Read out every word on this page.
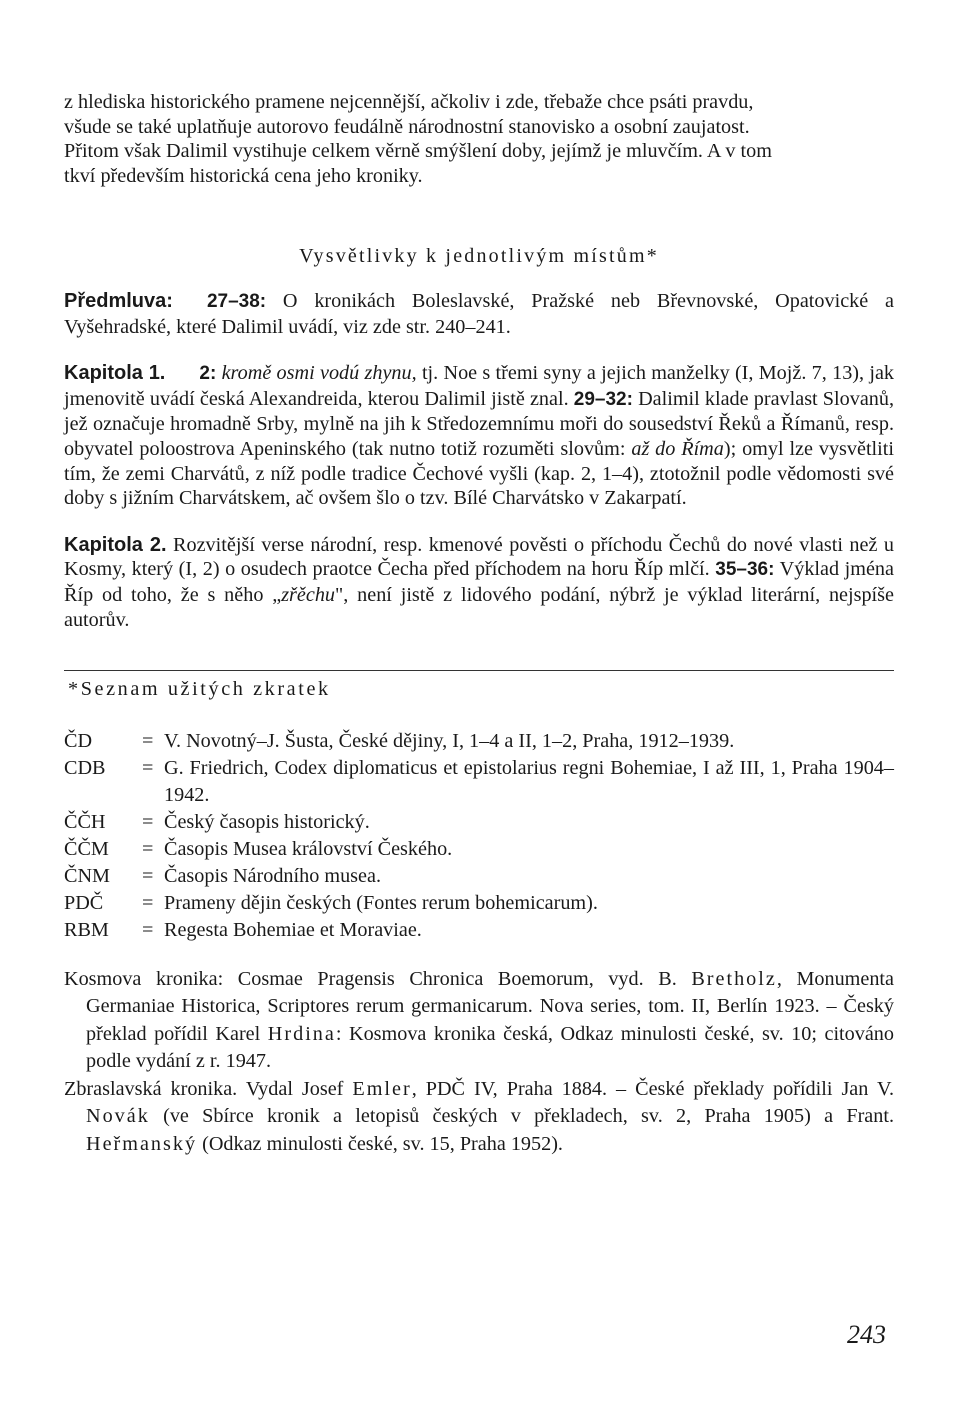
z hlediska historického pramene nejcennější, ačkoliv i zde, třebaže chce psáti pravdu,

všude se také uplatňuje autorovo feudálně národnostní stanovisko a osobní zaujatost.

Přitom však Dalimil vystihuje celkem věrně smýšlení doby, jejímž je mluvčím. A v tom

tkví především historická cena jeho kroniky.

Vysvětlivky k jednotlivým místům*

Předmluva: 27–38: O kronikách Boleslavské, Pražské neb Břevnovské, Opatovické a Vyšehradské, které Dalimil uvádí, viz zde str. 240–241.

Kapitola 1. 2: kromě osmi vodú zhynu, tj. Noe s třemi syny a jejich manželky (I, Mojž. 7, 13), jak jmenovitě uvádí česká Alexandreida, kterou Dalimil jistě znal. 29–32: Dalimil klade pravlast Slovanů, jež označuje hromadně Srby, mylně na jih k Středozemnímu moři do sousedství Řeků a Římanů, resp. obyvatel poloostrova Apeninského (tak nutno totiž rozuměti slovům: až do Říma); omyl lze vysvětliti tím, že zemi Charvátů, z níž podle tradice Čechové vyšli (kap. 2, 1–4), ztotožnil podle vědomosti své doby s jižním Charvátskem, ač ovšem šlo o tzv. Bílé Charvátsko v Zakarpatí.

Kapitola 2. Rozvitější verse národní, resp. kmenové pověsti o příchodu Čechů do nové vlasti než u Kosmy, který (I, 2) o osudech praotce Čecha před příchodem na horu Říp mlčí. 35–36: Výklad jména Říp od toho, že s něho „zřěchu", není jistě z lidového podání, nýbrž je výklad literární, nejspíše autorův.

*Seznam užitých zkratek

ČD	=	V. Novotný–J. Šusta, České dějiny, I, 1–4 a II, 1–2, Praha, 1912–1939.
CDB	=	G. Friedrich, Codex diplomaticus et epistolarius regni Bohemiae, I až III, 1, Praha 1904–1942.
ČČH	=	Český časopis historický.
ČČM	=	Časopis Musea království Českého.
ČNM	=	Časopis Národního musea.
PDČ	=	Prameny dějin českých (Fontes rerum bohemicarum).
RBM	=	Regesta Bohemiae et Moraviae.

Kosmova kronika: Cosmae Pragensis Chronica Boemorum, vyd. B. Bretholz, Monumenta Germaniae Historica, Scriptores rerum germanicarum. Nova series, tom. II, Berlín 1923. – Český překlad pořídil Karel Hrdina: Kosmova kronika česká, Odkaz minulosti české, sv. 10; citováno podle vydání z r. 1947.

Zbraslavská kronika. Vydal Josef Emler, PDČ IV, Praha 1884. – České překlady pořídili Jan V. Novák (ve Sbírce kronik a letopisů českých v překladech, sv. 2, Praha 1905) a Frant. Heřmanský (Odkaz minulosti české, sv. 15, Praha 1952).

243
